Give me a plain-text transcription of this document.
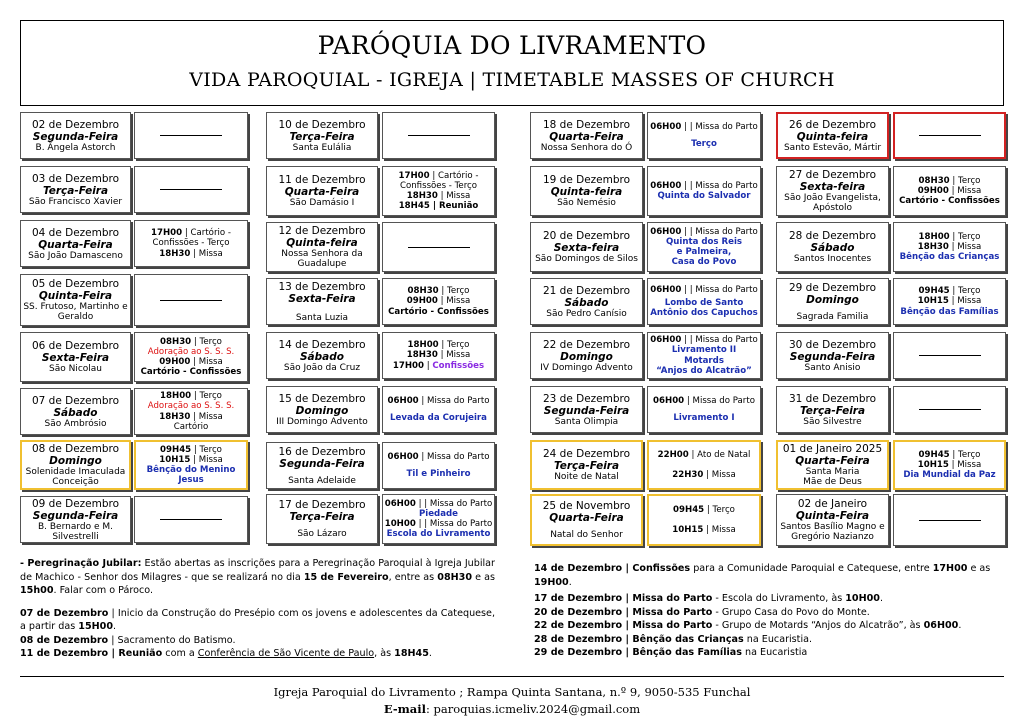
PARÓQUIA DO LIVRAMENTO
VIDA PAROQUIAL - IGREJA | TIMETABLE MASSES OF CHURCH
02 de Dezembro
Segunda-Feira
B. Ângela Astorch
03 de Dezembro
Terça-Feira
São Francisco Xavier
04 de Dezembro
Quarta-Feira
São João Damasceno
17H00 | Cartório - Confissões - Terço
18H30 | Missa
05 de Dezembro
Quinta-Feira
SS. Frutoso, Martinho e Geraldo
06 de Dezembro
Sexta-Feira
São Nicolau
08H30 | Terço
Adoração ao S. S. S.
09H00 | Missa
Cartório - Confissões
07 de Dezembro
Sábado
São Ambrósio
18H00 | Terço
Adoração ao S. S. S.
18H30 | Missa
Cartório
08 de Dezembro
Domingo
Solenidade Imaculada Conceição
09H45 | Terço
10H15 | Missa
Bênção do Menino Jesus
09 de Dezembro
Segunda-Feira
B. Bernardo e M. Silvestrelli
10 de Dezembro
Terça-Feira
Santa Eulália
11 de Dezembro
Quarta-Feira
São Damásio I
17H00 | Cartório - Confissões - Terço
18H30 | Missa
18H45 | Reunião
12 de Dezembro
Quinta-feira
Nossa Senhora da Guadalupe
13 de Dezembro
Sexta-Feira
Santa Luzia
08H30 | Terço
09H00 | Missa
Cartório - Confissões
14 de Dezembro
Sábado
São João da Cruz
18H00 | Terço
18H30 | Missa
17H00 | Confissões
15 de Dezembro
Domingo
III Domingo Advento
06H00 | Missa do Parto
Levada da Corujeira
16 de Dezembro
Segunda-Feira
Santa Adelaide
06H00 | Missa do Parto
Til e Pinheiro
17 de Dezembro
Terça-Feira
São Lázaro
06H00 | | Missa do Parto
Piedade
10H00 | | Missa do Parto
Escola do Livramento
18 de Dezembro
Quarta-Feira
Nossa Senhora do Ó
06H00 | | Missa do Parto
Terço
19 de Dezembro
Quinta-feira
São Nemésio
06H00 | | Missa do Parto
Quinta do Salvador
20 de Dezembro
Sexta-feira
São Domingos de Silos
06H00 | | Missa do Parto
Quinta dos Reis
e Palmeira,
Casa do Povo
21 de Dezembro
Sábado
São Pedro Canísio
06H00 | | Missa do Parto
Lombo de Santo
Antônio dos Capuchos
22 de Dezembro
Domingo
IV Domingo Advento
06H00 | | Missa do Parto
Livramento II
Motards
“Anjos do Alcatrão”
23 de Dezembro
Segunda-Feira
Santa Olimpia
06H00 | Missa do Parto
Livramento I
24 de Dezembro
Terça-Feira
Noite de Natal
22H00 | Ato de Natal
22H30 | Missa
25 de Novembro
Quarta-Feira
Natal do Senhor
09H45 | Terço
10H15 | Missa
26 de Dezembro
Quinta-feira
Santo Estevão, Mártir
27 de Dezembro
Sexta-feira
São João Evangelista, Apóstolo
08H30 | Terço
09H00 | Missa
Cartório - Confissões
28 de Dezembro
Sábado
Santos Inocentes
18H00 | Terço
18H30 | Missa
Bênção das Crianças
29 de Dezembro
Domingo
Sagrada Familia
09H45 | Terço
10H15 | Missa
Bênção das Famílias
30 de Dezembro
Segunda-Feira
Santo Anisio
31 de Dezembro
Terça-Feira
São Silvestre
01 de Janeiro 2025
Quarta-Feira
Santa Maria Mãe de Deus
09H45 | Terço
10H15 | Missa
Dia Mundial da Paz
02 de Janeiro
Quinta-Feira
Santos Basílio Magno e Gregório Nazianzo

- Peregrinação Jubilar: Estão abertas as inscrições para a Peregrinação Paroquial à Igreja Jubilar de Machico - Senhor dos Milagres - que se realizará no dia 15 de Fevereiro, entre as 08H30 e as 15h00. Falar com o Pároco.

07 de Dezembro | Inicio da Construção do Presépio com os jovens e adolescentes da Catequese, a partir das 15H00.

08 de Dezembro | Sacramento do Batismo.

11 de Dezembro | Reunião com a Conferência de São Vicente de Paulo, às 18H45.

14 de Dezembro | Confissões para a Comunidade Paroquial e Catequese, entre 17H00 e as 19H00.

17 de Dezembro | Missa do Parto - Escola do Livramento, às 10H00.

20 de Dezembro | Missa do Parto - Grupo Casa do Povo do Monte.

22 de Dezembro | Missa do Parto - Grupo de Motards “Anjos do Alcatrão”, às 06H00.

28 de Dezembro | Bênção das Crianças na Eucaristia.

29 de Dezembro | Bênção das Famílias na Eucaristia

Igreja Paroquial do Livramento ; Rampa Quinta Santana, n.º 9, 9050-535 Funchal
E-mail: paroquias.icmeliv.2024@gmail.com
